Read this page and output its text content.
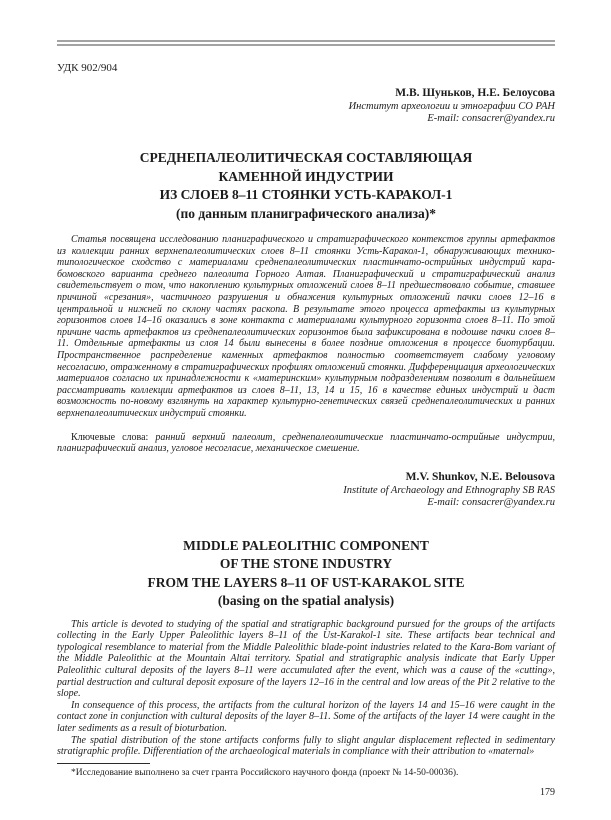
УДК 902/904
М.В. Шуньков, Н.Е. Белоусова
Институт археологии и этнографии СО РАН
E-mail: consacrer@yandex.ru
СРЕДНЕПАЛЕОЛИТИЧЕСКАЯ СОСТАВЛЯЮЩАЯ
КАМЕННОЙ ИНДУСТРИИ
ИЗ СЛОЕВ 8–11 СТОЯНКИ УСТЬ-КАРАКОЛ-1
(по данным планиграфического анализа)*

Статья посвящена исследованию планиграфического и стратиграфического контекстов группы артефактов из коллекции ранних верхнепалеолитических слоев 8–11 стоянки Усть-Каракол-1, обнаруживающих технико-типологическое сходство с материалами среднепалеолитических пластинчато-острийных индустрий кара-бомовского варианта среднего палеолита Горного Алтая. Планиграфический и стратиграфический анализ свидетельствует о том, что накоплению культурных отложений слоев 8–11 предшествовало событие, ставшее причиной «срезания», частичного разрушения и обнажения культурных отложений пачки слоев 12–16 в центральной и нижней по склону частях раскопа. В результате этого процесса артефакты из культурных горизонтов слоев 14–16 оказались в зоне контакта с материалами культурного горизонта слоев 8–11. По этой причине часть артефактов из среднепалеолитических горизонтов была зафиксирована в подошве пачки слоев 8–11. Отдельные артефакты из слоя 14 были вынесены в более поздние отложения в процессе биотурбации. Пространственное распределение каменных артефактов полностью соответствует слабому угловому несогласию, отраженному в стратиграфических профилях отложений стоянки. Дифференциация археологических материалов согласно их принадлежности к «материнским» культурным подразделениям позволит в дальнейшем рассматривать коллекции артефактов из слоев 8–11, 13, 14 и 15, 16 в качестве единых индустрий и даст возможность по-новому взглянуть на характер культурно-генетических связей среднепалеолитических и ранних верхнепалеолитических индустрий стоянки.

Ключевые слова: ранний верхний палеолит, среднепалеолитические пластинчато-острийные индустрии, планиграфический анализ, угловое несогласие, механическое смешение.

M.V. Shunkov, N.E. Belousova
Institute of Archaeology and Ethnography SB RAS
E-mail: consacrer@yandex.ru
MIDDLE PALEOLITHIC COMPONENT
OF THE STONE INDUSTRY
FROM THE LAYERS 8–11 OF UST-KARAKOL SITE
(basing on the spatial analysis)

This article is devoted to studying of the spatial and stratigraphic background pursued for the groups of the artifacts collecting in the Early Upper Paleolithic layers 8–11 of the Ust-Karakol-1 site. These artifacts bear technical and typological resemblance to material from the Middle Paleolithic blade-point industries related to the Kara-Bom variant of the Middle Paleolithic at the Mountain Altai territory. Spatial and stratigraphic analysis indicate that Early Upper Paleolithic cultural deposits of the layers 8–11 were accumulated after the event, which was a cause of the «cutting», partial destruction and cultural deposit exposure of the layers 12–16 in the central and low areas of the Pit 2 relative to the slope.

In consequence of this process, the artifacts from the cultural horizon of the layers 14 and 15–16 were caught in the contact zone in conjunction with cultural deposits of the layer 8–11. Some of the artifacts of the layer 14 were caught in the later sediments as a result of bioturbation.

The spatial distribution of the stone artifacts conforms fully to slight angular displacement reflected in sedimentary stratigraphic profile. Differentiation of the archaeological materials in compliance with their attribution to «maternal»

*Исследование выполнено за счет гранта Российского научного фонда (проект № 14-50-00036).

179
